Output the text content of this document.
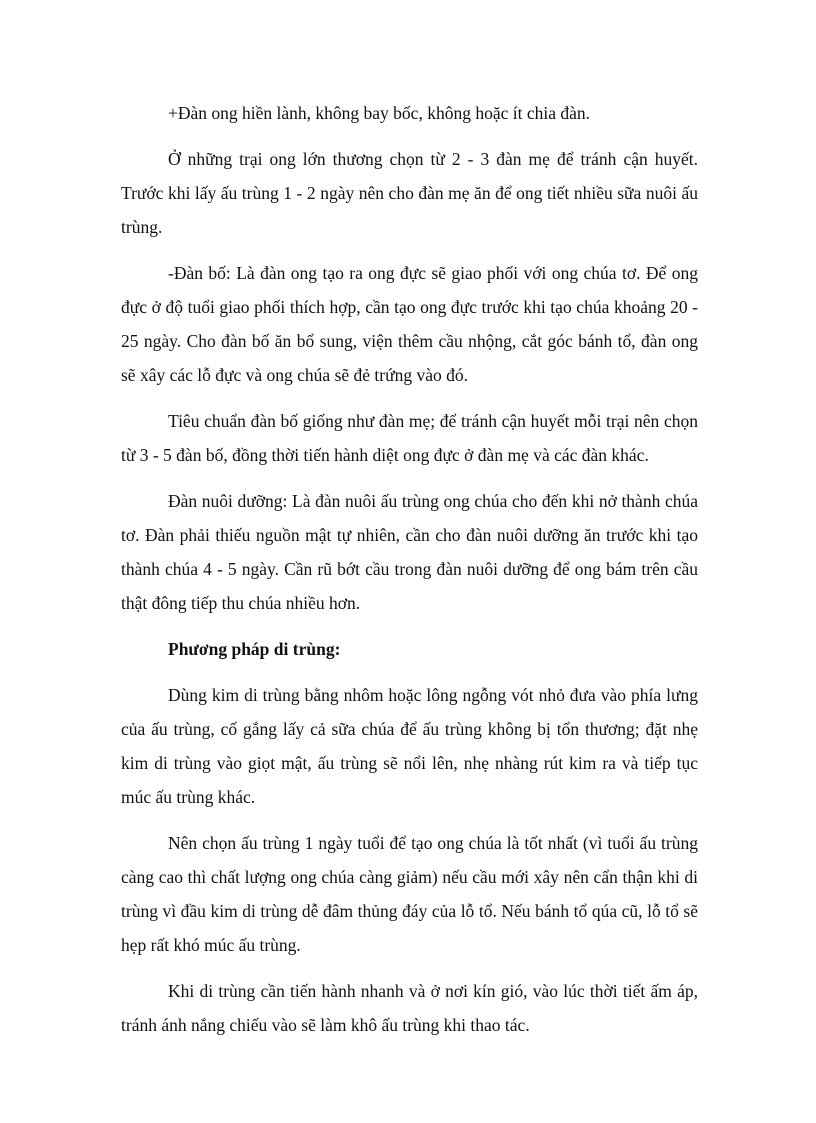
+Đàn ong hiền lành, không bay bốc, không hoặc ít chia đàn.

Ở những trại ong lớn thương chọn từ 2 - 3 đàn mẹ để tránh cận huyết. Trước khi lấy ấu trùng 1 - 2 ngày nên cho đàn mẹ ăn để ong tiết nhiều sữa nuôi ấu trùng.

-Đàn bố: Là đàn ong tạo ra ong đực sẽ giao phối với ong chúa tơ. Để ong đực ở độ tuổi giao phối thích hợp, cần tạo ong đực trước khi tạo chúa khoảng 20 - 25 ngày. Cho đàn bố ăn bổ sung, viện thêm cầu nhộng, cắt góc bánh tổ, đàn ong sẽ xây các lỗ đực và ong chúa sẽ đẻ trứng vào đó.

Tiêu chuẩn đàn bố giống như đàn mẹ; để tránh cận huyết mỗi trại nên chọn từ 3 - 5 đàn bố, đồng thời tiến hành diệt ong đực ở đàn mẹ và các đàn khác.

Đàn nuôi dưỡng: Là đàn nuôi ấu trùng ong chúa cho đến khi nở thành chúa tơ. Đàn phải thiếu nguồn mật tự nhiên, cần cho đàn nuôi dưỡng ăn trước khi tạo thành chúa 4 - 5 ngày. Cần rũ bớt cầu trong đàn nuôi dưỡng để ong bám trên cầu thật đông tiếp thu chúa nhiều hơn.

Phương pháp di trùng:

Dùng kim di trùng bằng nhôm hoặc lông ngỗng vót nhỏ đưa vào phía lưng của ấu trùng, cố gắng lấy cả sữa chúa để ấu trùng không bị tổn thương; đặt nhẹ kim di trùng vào giọt mật, ấu trùng sẽ nổi lên, nhẹ nhàng rút kim ra và tiếp tục múc ấu trùng khác.

Nên chọn ấu trùng 1 ngày tuổi để tạo ong chúa là tốt nhất (vì tuổi ấu trùng càng cao thì chất lượng ong chúa càng giảm) nếu cầu mới xây nên cẩn thận khi di trùng vì đầu kim di trùng dễ đâm thủng đáy của lỗ tổ. Nếu bánh tổ qúa cũ, lỗ tổ sẽ hẹp rất khó múc ấu trùng.

Khi di trùng cần tiến hành nhanh và ở nơi kín gió, vào lúc thời tiết ấm áp, tránh ánh nắng chiếu vào sẽ làm khô ấu trùng khi thao tác.
